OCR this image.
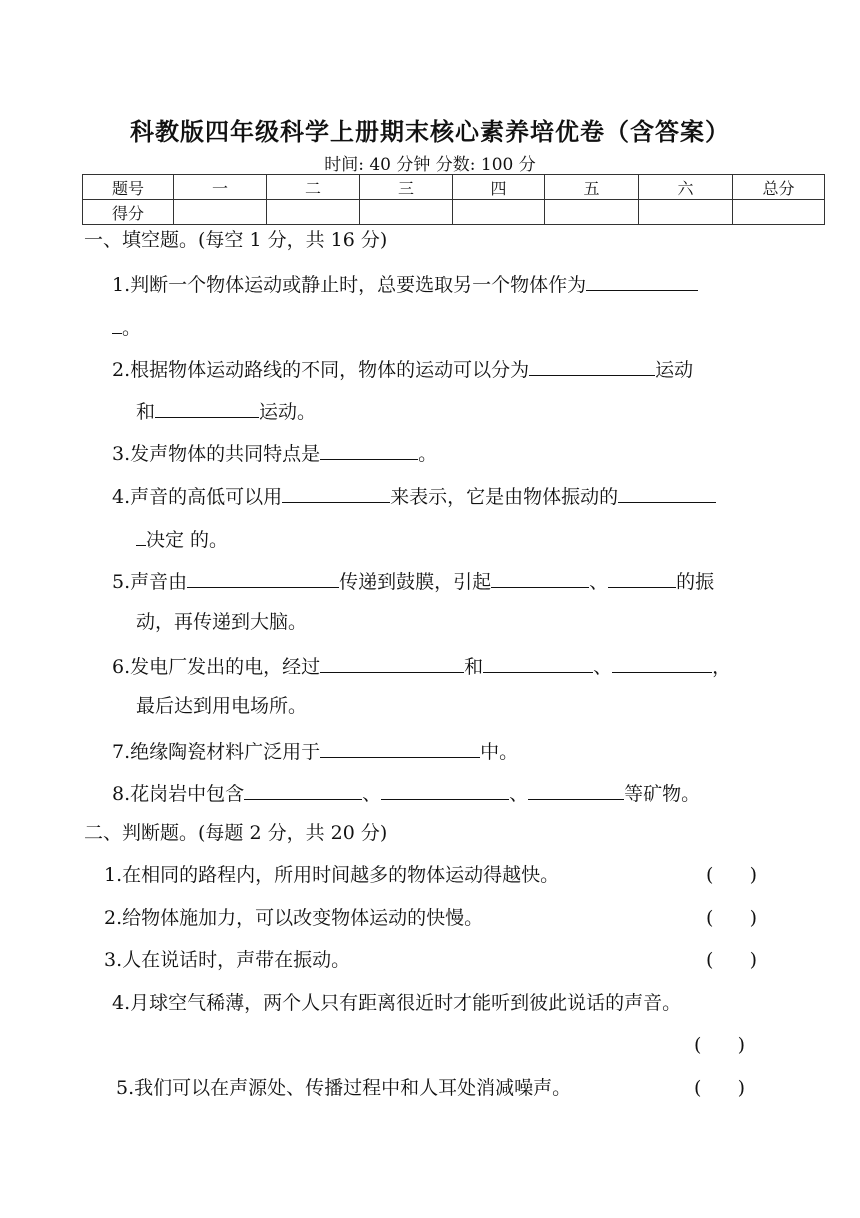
科教版四年级科学上册期末核心素养培优卷（含答案）
时间: 40 分钟 分数: 100 分
题号	一	二	三	四	五	六	总分
得分							
一、填空题。(每空 1 分，共 16 分)
1.判断一个物体运动或静止时，总要选取另一个物体作为
。
2.根据物体运动路线的不同，物体的运动可以分为	运动
和	运动。
3.发声物体的共同特点是	。
4.声音的高低可以用	来表示，它是由物体振动的
决定 的。
5.声音由	传递到鼓膜，引起	、	的振
动，再传递到大脑。
6.发电厂发出的电，经过	和	、	，
最后达到用电场所。
7.绝缘陶瓷材料广泛用于	中。
8.花岗岩中包含	、	、	等矿物。
二、判断题。(每题 2 分，共 20 分)
1.在相同的路程内，所用时间越多的物体运动得越快。	(      )
2.给物体施加力，可以改变物体运动的快慢。	(      )
3.人在说话时，声带在振动。	(      )
4.月球空气稀薄，两个人只有距离很近时才能听到彼此说话的声音。
(      )
5.我们可以在声源处、传播过程中和人耳处消减噪声。	(      )
